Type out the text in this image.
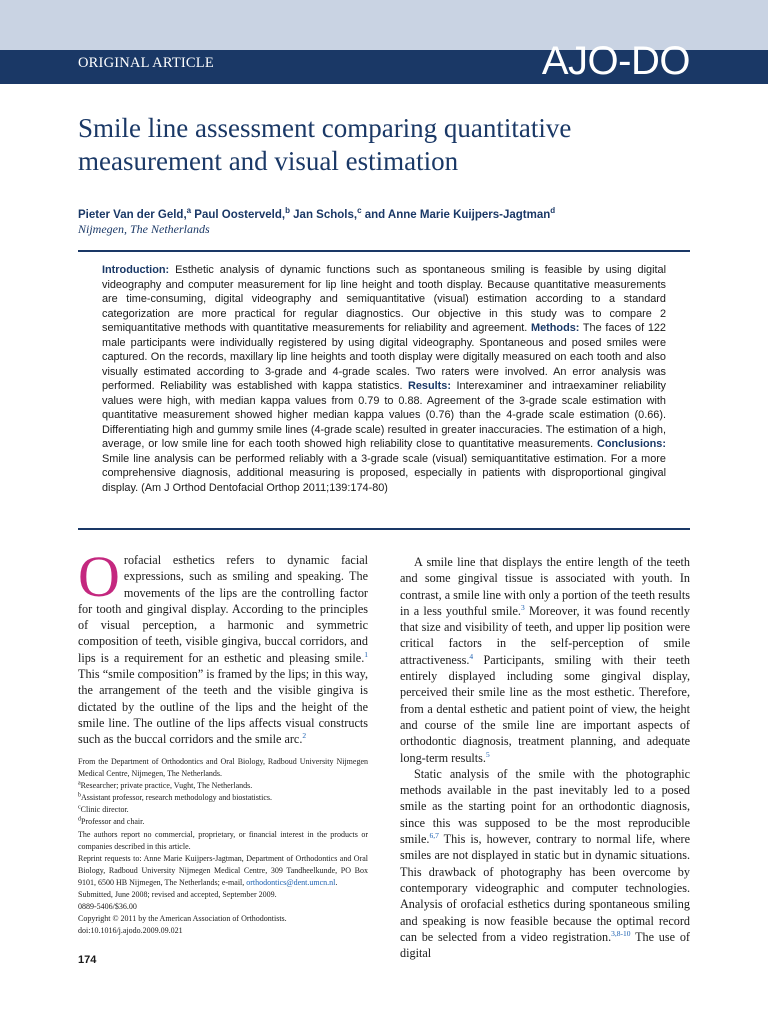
ORIGINAL ARTICLE	AJO-DO
Smile line assessment comparing quantitative measurement and visual estimation
Pieter Van der Geld,$^a$ Paul Oosterveld,$^b$ Jan Schols,$^c$ and Anne Marie Kuijpers-Jagtman$^d$
Nijmegen, The Netherlands
Introduction: Esthetic analysis of dynamic functions such as spontaneous smiling is feasible by using digital videography and computer measurement for lip line height and tooth display. Because quantitative measurements are time-consuming, digital videography and semiquantitative (visual) estimation according to a standard categorization are more practical for regular diagnostics. Our objective in this study was to compare 2 semiquantitative methods with quantitative measurements for reliability and agreement. Methods: The faces of 122 male participants were individually registered by using digital videography. Spontaneous and posed smiles were captured. On the records, maxillary lip line heights and tooth display were digitally measured on each tooth and also visually estimated according to 3-grade and 4-grade scales. Two raters were involved. An error analysis was performed. Reliability was established with kappa statistics. Results: Interexaminer and intraexaminer reliability values were high, with median kappa values from 0.79 to 0.88. Agreement of the 3-grade scale estimation with quantitative measurement showed higher median kappa values (0.76) than the 4-grade scale estimation (0.66). Differentiating high and gummy smile lines (4-grade scale) resulted in greater inaccuracies. The estimation of a high, average, or low smile line for each tooth showed high reliability close to quantitative measurements. Conclusions: Smile line analysis can be performed reliably with a 3-grade scale (visual) semiquantitative estimation. For a more comprehensive diagnosis, additional measuring is proposed, especially in patients with disproportional gingival display. (Am J Orthod Dentofacial Orthop 2011;139:174-80)

Orofacial esthetics refers to dynamic facial expressions, such as smiling and speaking. The movements of the lips are the controlling factor for tooth and gingival display. According to the principles of visual perception, a harmonic and symmetric composition of teeth, visible gingiva, buccal corridors, and lips is a requirement for an esthetic and pleasing smile.$^1$ This “smile composition” is framed by the lips; in this way, the arrangement of the teeth and the visible gingiva is dictated by the outline of the lips and the height of the smile line. The outline of the lips affects visual constructs such as the buccal corridors and the smile arc.$^2$

From the Department of Orthodontics and Oral Biology, Radboud University Nijmegen Medical Centre, Nijmegen, The Netherlands.

$^a$Researcher; private practice, Vught, The Netherlands.

$^b$Assistant professor, research methodology and biostatistics.

$^c$Clinic director.

$^d$Professor and chair.

The authors report no commercial, proprietary, or financial interest in the products or companies described in this article.

Reprint requests to: Anne Marie Kuijpers-Jagtman, Department of Orthodontics and Oral Biology, Radboud University Nijmegen Medical Centre, 309 Tandheelkunde, PO Box 9101, 6500 HB Nijmegen, The Netherlands; e-mail, orthodontics@dent.umcn.nl.

Submitted, June 2008; revised and accepted, September 2009.

0889-5406/$36.00

Copyright © 2011 by the American Association of Orthodontists.

doi:10.1016/j.ajodo.2009.09.021

A smile line that displays the entire length of the teeth and some gingival tissue is associated with youth. In contrast, a smile line with only a portion of the teeth results in a less youthful smile.$^3$ Moreover, it was found recently that size and visibility of teeth, and upper lip position were critical factors in the self-perception of smile attractiveness.$^4$ Participants, smiling with their teeth entirely displayed including some gingival display, perceived their smile line as the most esthetic. Therefore, from a dental esthetic and patient point of view, the height and course of the smile line are important aspects of orthodontic diagnosis, treatment planning, and adequate long-term results.$^5$

Static analysis of the smile with the photographic methods available in the past inevitably led to a posed smile as the starting point for an orthodontic diagnosis, since this was supposed to be the most reproducible smile.$^{6,7}$ This is, however, contrary to normal life, where smiles are not displayed in static but in dynamic situations. This drawback of photography has been overcome by contemporary videographic and computer technologies. Analysis of orofacial esthetics during spontaneous smiling and speaking is now feasible because the optimal record can be selected from a video registration.$^{3,8-10}$ The use of digital

174
